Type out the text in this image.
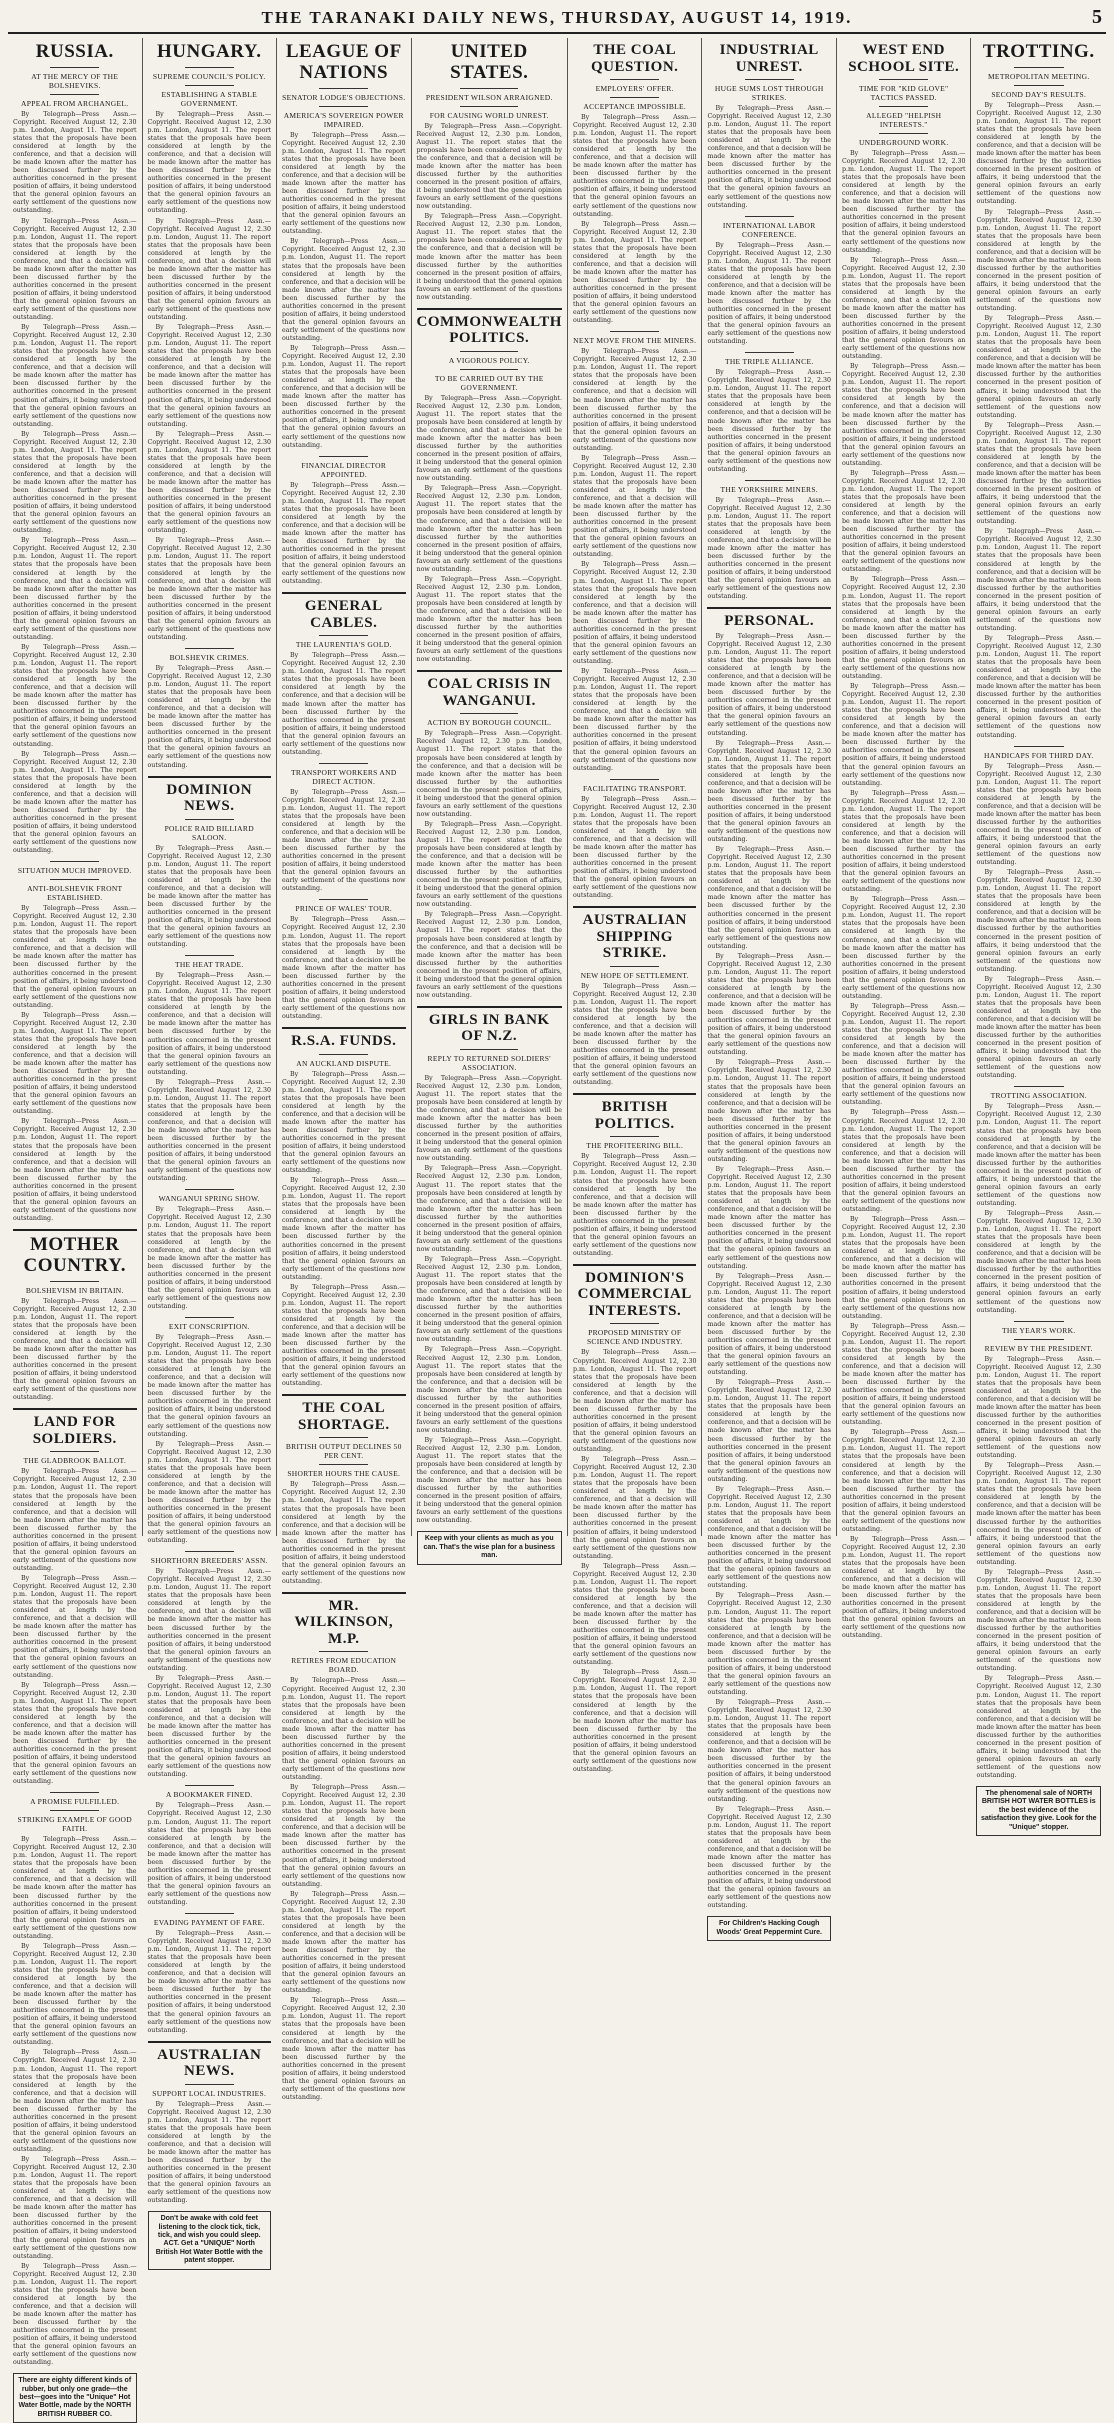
THE TARANAKI DAILY NEWS, THURSDAY, AUGUST 14, 1919.	5
RUSSIA.
AT THE MERCY OF THE BOLSHEVIKS.
APPEAL FROM ARCHANGEL.
By Telegraph—Press Assn.—Copyright. Received August 12, 2.30 p.m. London, August 11. The report states that the proposals have been considered at length by the conference, and that a decision will be made known after the matter has been discussed further by the authorities concerned in the present position of affairs, it being understood that the general opinion favours an early settlement of the questions now outstanding.
By Telegraph—Press Assn.—Copyright. Received August 12, 2.30 p.m. London, August 11. The report states that the proposals have been considered at length by the conference, and that a decision will be made known after the matter has been discussed further by the authorities concerned in the present position of affairs, it being understood that the general opinion favours an early settlement of the questions now outstanding.
By Telegraph—Press Assn.—Copyright. Received August 12, 2.30 p.m. London, August 11. The report states that the proposals have been considered at length by the conference, and that a decision will be made known after the matter has been discussed further by the authorities concerned in the present position of affairs, it being understood that the general opinion favours an early settlement of the questions now outstanding.
By Telegraph—Press Assn.—Copyright. Received August 12, 2.30 p.m. London, August 11. The report states that the proposals have been considered at length by the conference, and that a decision will be made known after the matter has been discussed further by the authorities concerned in the present position of affairs, it being understood that the general opinion favours an early settlement of the questions now outstanding.
By Telegraph—Press Assn.—Copyright. Received August 12, 2.30 p.m. London, August 11. The report states that the proposals have been considered at length by the conference, and that a decision will be made known after the matter has been discussed further by the authorities concerned in the present position of affairs, it being understood that the general opinion favours an early settlement of the questions now outstanding.
By Telegraph—Press Assn.—Copyright. Received August 12, 2.30 p.m. London, August 11. The report states that the proposals have been considered at length by the conference, and that a decision will be made known after the matter has been discussed further by the authorities concerned in the present position of affairs, it being understood that the general opinion favours an early settlement of the questions now outstanding.
By Telegraph—Press Assn.—Copyright. Received August 12, 2.30 p.m. London, August 11. The report states that the proposals have been considered at length by the conference, and that a decision will be made known after the matter has been discussed further by the authorities concerned in the present position of affairs, it being understood that the general opinion favours an early settlement of the questions now outstanding.
SITUATION MUCH IMPROVED.
ANTI-BOLSHEVIK FRONT ESTABLISHED.
By Telegraph—Press Assn.—Copyright. Received August 12, 2.30 p.m. London, August 11. The report states that the proposals have been considered at length by the conference, and that a decision will be made known after the matter has been discussed further by the authorities concerned in the present position of affairs, it being understood that the general opinion favours an early settlement of the questions now outstanding.
By Telegraph—Press Assn.—Copyright. Received August 12, 2.30 p.m. London, August 11. The report states that the proposals have been considered at length by the conference, and that a decision will be made known after the matter has been discussed further by the authorities concerned in the present position of affairs, it being understood that the general opinion favours an early settlement of the questions now outstanding.
By Telegraph—Press Assn.—Copyright. Received August 12, 2.30 p.m. London, August 11. The report states that the proposals have been considered at length by the conference, and that a decision will be made known after the matter has been discussed further by the authorities concerned in the present position of affairs, it being understood that the general opinion favours an early settlement of the questions now outstanding.
MOTHER COUNTRY.
BOLSHEVISM IN BRITAIN.
By Telegraph—Press Assn.—Copyright. Received August 12, 2.30 p.m. London, August 11. The report states that the proposals have been considered at length by the conference, and that a decision will be made known after the matter has been discussed further by the authorities concerned in the present position of affairs, it being understood that the general opinion favours an early settlement of the questions now outstanding.
LAND FOR SOLDIERS.
THE GLADBROOK BALLOT.
By Telegraph—Press Assn.—Copyright. Received August 12, 2.30 p.m. London, August 11. The report states that the proposals have been considered at length by the conference, and that a decision will be made known after the matter has been discussed further by the authorities concerned in the present position of affairs, it being understood that the general opinion favours an early settlement of the questions now outstanding.
By Telegraph—Press Assn.—Copyright. Received August 12, 2.30 p.m. London, August 11. The report states that the proposals have been considered at length by the conference, and that a decision will be made known after the matter has been discussed further by the authorities concerned in the present position of affairs, it being understood that the general opinion favours an early settlement of the questions now outstanding.
By Telegraph—Press Assn.—Copyright. Received August 12, 2.30 p.m. London, August 11. The report states that the proposals have been considered at length by the conference, and that a decision will be made known after the matter has been discussed further by the authorities concerned in the present position of affairs, it being understood that the general opinion favours an early settlement of the questions now outstanding.
A PROMISE FULFILLED.
STRIKING EXAMPLE OF GOOD FAITH.
By Telegraph—Press Assn.—Copyright. Received August 12, 2.30 p.m. London, August 11. The report states that the proposals have been considered at length by the conference, and that a decision will be made known after the matter has been discussed further by the authorities concerned in the present position of affairs, it being understood that the general opinion favours an early settlement of the questions now outstanding.
By Telegraph—Press Assn.—Copyright. Received August 12, 2.30 p.m. London, August 11. The report states that the proposals have been considered at length by the conference, and that a decision will be made known after the matter has been discussed further by the authorities concerned in the present position of affairs, it being understood that the general opinion favours an early settlement of the questions now outstanding.
By Telegraph—Press Assn.—Copyright. Received August 12, 2.30 p.m. London, August 11. The report states that the proposals have been considered at length by the conference, and that a decision will be made known after the matter has been discussed further by the authorities concerned in the present position of affairs, it being understood that the general opinion favours an early settlement of the questions now outstanding.
By Telegraph—Press Assn.—Copyright. Received August 12, 2.30 p.m. London, August 11. The report states that the proposals have been considered at length by the conference, and that a decision will be made known after the matter has been discussed further by the authorities concerned in the present position of affairs, it being understood that the general opinion favours an early settlement of the questions now outstanding.
By Telegraph—Press Assn.—Copyright. Received August 12, 2.30 p.m. London, August 11. The report states that the proposals have been considered at length by the conference, and that a decision will be made known after the matter has been discussed further by the authorities concerned in the present position of affairs, it being understood that the general opinion favours an early settlement of the questions now outstanding.
There are eighty different kinds of rubber, but only one grade—the best—goes into the "Unique" Hot Water Bottle, made by the NORTH BRITISH RUBBER CO.
HUNGARY.
SUPREME COUNCIL'S POLICY.
ESTABLISHING A STABLE GOVERNMENT.
By Telegraph—Press Assn.—Copyright. Received August 12, 2.30 p.m. London, August 11. The report states that the proposals have been considered at length by the conference, and that a decision will be made known after the matter has been discussed further by the authorities concerned in the present position of affairs, it being understood that the general opinion favours an early settlement of the questions now outstanding.
By Telegraph—Press Assn.—Copyright. Received August 12, 2.30 p.m. London, August 11. The report states that the proposals have been considered at length by the conference, and that a decision will be made known after the matter has been discussed further by the authorities concerned in the present position of affairs, it being understood that the general opinion favours an early settlement of the questions now outstanding.
By Telegraph—Press Assn.—Copyright. Received August 12, 2.30 p.m. London, August 11. The report states that the proposals have been considered at length by the conference, and that a decision will be made known after the matter has been discussed further by the authorities concerned in the present position of affairs, it being understood that the general opinion favours an early settlement of the questions now outstanding.
By Telegraph—Press Assn.—Copyright. Received August 12, 2.30 p.m. London, August 11. The report states that the proposals have been considered at length by the conference, and that a decision will be made known after the matter has been discussed further by the authorities concerned in the present position of affairs, it being understood that the general opinion favours an early settlement of the questions now outstanding.
By Telegraph—Press Assn.—Copyright. Received August 12, 2.30 p.m. London, August 11. The report states that the proposals have been considered at length by the conference, and that a decision will be made known after the matter has been discussed further by the authorities concerned in the present position of affairs, it being understood that the general opinion favours an early settlement of the questions now outstanding.
BOLSHEVIK CRIMES.
By Telegraph—Press Assn.—Copyright. Received August 12, 2.30 p.m. London, August 11. The report states that the proposals have been considered at length by the conference, and that a decision will be made known after the matter has been discussed further by the authorities concerned in the present position of affairs, it being understood that the general opinion favours an early settlement of the questions now outstanding.
DOMINION NEWS.
POLICE RAID BILLIARD SALOON.
By Telegraph—Press Assn.—Copyright. Received August 12, 2.30 p.m. London, August 11. The report states that the proposals have been considered at length by the conference, and that a decision will be made known after the matter has been discussed further by the authorities concerned in the present position of affairs, it being understood that the general opinion favours an early settlement of the questions now outstanding.
THE HEAT TRADE.
By Telegraph—Press Assn.—Copyright. Received August 12, 2.30 p.m. London, August 11. The report states that the proposals have been considered at length by the conference, and that a decision will be made known after the matter has been discussed further by the authorities concerned in the present position of affairs, it being understood that the general opinion favours an early settlement of the questions now outstanding.
By Telegraph—Press Assn.—Copyright. Received August 12, 2.30 p.m. London, August 11. The report states that the proposals have been considered at length by the conference, and that a decision will be made known after the matter has been discussed further by the authorities concerned in the present position of affairs, it being understood that the general opinion favours an early settlement of the questions now outstanding.
WANGANUI SPRING SHOW.
By Telegraph—Press Assn.—Copyright. Received August 12, 2.30 p.m. London, August 11. The report states that the proposals have been considered at length by the conference, and that a decision will be made known after the matter has been discussed further by the authorities concerned in the present position of affairs, it being understood that the general opinion favours an early settlement of the questions now outstanding.
EXIT CONSCRIPTION.
By Telegraph—Press Assn.—Copyright. Received August 12, 2.30 p.m. London, August 11. The report states that the proposals have been considered at length by the conference, and that a decision will be made known after the matter has been discussed further by the authorities concerned in the present position of affairs, it being understood that the general opinion favours an early settlement of the questions now outstanding.
By Telegraph—Press Assn.—Copyright. Received August 12, 2.30 p.m. London, August 11. The report states that the proposals have been considered at length by the conference, and that a decision will be made known after the matter has been discussed further by the authorities concerned in the present position of affairs, it being understood that the general opinion favours an early settlement of the questions now outstanding.
SHORTHORN BREEDERS' ASSN.
By Telegraph—Press Assn.—Copyright. Received August 12, 2.30 p.m. London, August 11. The report states that the proposals have been considered at length by the conference, and that a decision will be made known after the matter has been discussed further by the authorities concerned in the present position of affairs, it being understood that the general opinion favours an early settlement of the questions now outstanding.
By Telegraph—Press Assn.—Copyright. Received August 12, 2.30 p.m. London, August 11. The report states that the proposals have been considered at length by the conference, and that a decision will be made known after the matter has been discussed further by the authorities concerned in the present position of affairs, it being understood that the general opinion favours an early settlement of the questions now outstanding.
A BOOKMAKER FINED.
By Telegraph—Press Assn.—Copyright. Received August 12, 2.30 p.m. London, August 11. The report states that the proposals have been considered at length by the conference, and that a decision will be made known after the matter has been discussed further by the authorities concerned in the present position of affairs, it being understood that the general opinion favours an early settlement of the questions now outstanding.
EVADING PAYMENT OF FARE.
By Telegraph—Press Assn.—Copyright. Received August 12, 2.30 p.m. London, August 11. The report states that the proposals have been considered at length by the conference, and that a decision will be made known after the matter has been discussed further by the authorities concerned in the present position of affairs, it being understood that the general opinion favours an early settlement of the questions now outstanding.
AUSTRALIAN NEWS.
SUPPORT LOCAL INDUSTRIES.
By Telegraph—Press Assn.—Copyright. Received August 12, 2.30 p.m. London, August 11. The report states that the proposals have been considered at length by the conference, and that a decision will be made known after the matter has been discussed further by the authorities concerned in the present position of affairs, it being understood that the general opinion favours an early settlement of the questions now outstanding.
Don't be awake with cold feet listening to the clock tick, tick, tick, and wish you could sleep. ACT. Get a "UNIQUE" North British Hot Water Bottle with the patent stopper.
LEAGUE OF NATIONS
SENATOR LODGE'S OBJECTIONS.
AMERICA'S SOVEREIGN POWER IMPAIRED.
By Telegraph—Press Assn.—Copyright. Received August 12, 2.30 p.m. London, August 11. The report states that the proposals have been considered at length by the conference, and that a decision will be made known after the matter has been discussed further by the authorities concerned in the present position of affairs, it being understood that the general opinion favours an early settlement of the questions now outstanding.
By Telegraph—Press Assn.—Copyright. Received August 12, 2.30 p.m. London, August 11. The report states that the proposals have been considered at length by the conference, and that a decision will be made known after the matter has been discussed further by the authorities concerned in the present position of affairs, it being understood that the general opinion favours an early settlement of the questions now outstanding.
By Telegraph—Press Assn.—Copyright. Received August 12, 2.30 p.m. London, August 11. The report states that the proposals have been considered at length by the conference, and that a decision will be made known after the matter has been discussed further by the authorities concerned in the present position of affairs, it being understood that the general opinion favours an early settlement of the questions now outstanding.
FINANCIAL DIRECTOR APPOINTED.
By Telegraph—Press Assn.—Copyright. Received August 12, 2.30 p.m. London, August 11. The report states that the proposals have been considered at length by the conference, and that a decision will be made known after the matter has been discussed further by the authorities concerned in the present position of affairs, it being understood that the general opinion favours an early settlement of the questions now outstanding.
GENERAL CABLES.
THE LAURENTIA'S GOLD.
By Telegraph—Press Assn.—Copyright. Received August 12, 2.30 p.m. London, August 11. The report states that the proposals have been considered at length by the conference, and that a decision will be made known after the matter has been discussed further by the authorities concerned in the present position of affairs, it being understood that the general opinion favours an early settlement of the questions now outstanding.
TRANSPORT WORKERS AND DIRECT ACTION.
By Telegraph—Press Assn.—Copyright. Received August 12, 2.30 p.m. London, August 11. The report states that the proposals have been considered at length by the conference, and that a decision will be made known after the matter has been discussed further by the authorities concerned in the present position of affairs, it being understood that the general opinion favours an early settlement of the questions now outstanding.
PRINCE OF WALES' TOUR.
By Telegraph—Press Assn.—Copyright. Received August 12, 2.30 p.m. London, August 11. The report states that the proposals have been considered at length by the conference, and that a decision will be made known after the matter has been discussed further by the authorities concerned in the present position of affairs, it being understood that the general opinion favours an early settlement of the questions now outstanding.
R.S.A. FUNDS.
AN AUCKLAND DISPUTE.
By Telegraph—Press Assn.—Copyright. Received August 12, 2.30 p.m. London, August 11. The report states that the proposals have been considered at length by the conference, and that a decision will be made known after the matter has been discussed further by the authorities concerned in the present position of affairs, it being understood that the general opinion favours an early settlement of the questions now outstanding.
By Telegraph—Press Assn.—Copyright. Received August 12, 2.30 p.m. London, August 11. The report states that the proposals have been considered at length by the conference, and that a decision will be made known after the matter has been discussed further by the authorities concerned in the present position of affairs, it being understood that the general opinion favours an early settlement of the questions now outstanding.
By Telegraph—Press Assn.—Copyright. Received August 12, 2.30 p.m. London, August 11. The report states that the proposals have been considered at length by the conference, and that a decision will be made known after the matter has been discussed further by the authorities concerned in the present position of affairs, it being understood that the general opinion favours an early settlement of the questions now outstanding.
THE COAL SHORTAGE.
BRITISH OUTPUT DECLINES 50 PER CENT.
SHORTER HOURS THE CAUSE.
By Telegraph—Press Assn.—Copyright. Received August 12, 2.30 p.m. London, August 11. The report states that the proposals have been considered at length by the conference, and that a decision will be made known after the matter has been discussed further by the authorities concerned in the present position of affairs, it being understood that the general opinion favours an early settlement of the questions now outstanding.
MR. WILKINSON, M.P.
RETIRES FROM EDUCATION BOARD.
By Telegraph—Press Assn.—Copyright. Received August 12, 2.30 p.m. London, August 11. The report states that the proposals have been considered at length by the conference, and that a decision will be made known after the matter has been discussed further by the authorities concerned in the present position of affairs, it being understood that the general opinion favours an early settlement of the questions now outstanding.
By Telegraph—Press Assn.—Copyright. Received August 12, 2.30 p.m. London, August 11. The report states that the proposals have been considered at length by the conference, and that a decision will be made known after the matter has been discussed further by the authorities concerned in the present position of affairs, it being understood that the general opinion favours an early settlement of the questions now outstanding.
By Telegraph—Press Assn.—Copyright. Received August 12, 2.30 p.m. London, August 11. The report states that the proposals have been considered at length by the conference, and that a decision will be made known after the matter has been discussed further by the authorities concerned in the present position of affairs, it being understood that the general opinion favours an early settlement of the questions now outstanding.
By Telegraph—Press Assn.—Copyright. Received August 12, 2.30 p.m. London, August 11. The report states that the proposals have been considered at length by the conference, and that a decision will be made known after the matter has been discussed further by the authorities concerned in the present position of affairs, it being understood that the general opinion favours an early settlement of the questions now outstanding.
UNITED STATES.
PRESIDENT WILSON ARRAIGNED.
FOR CAUSING WORLD UNREST.
By Telegraph—Press Assn.—Copyright. Received August 12, 2.30 p.m. London, August 11. The report states that the proposals have been considered at length by the conference, and that a decision will be made known after the matter has been discussed further by the authorities concerned in the present position of affairs, it being understood that the general opinion favours an early settlement of the questions now outstanding.
By Telegraph—Press Assn.—Copyright. Received August 12, 2.30 p.m. London, August 11. The report states that the proposals have been considered at length by the conference, and that a decision will be made known after the matter has been discussed further by the authorities concerned in the present position of affairs, it being understood that the general opinion favours an early settlement of the questions now outstanding.
COMMONWEALTH POLITICS.
A VIGOROUS POLICY.
TO BE CARRIED OUT BY THE GOVERNMENT.
By Telegraph—Press Assn.—Copyright. Received August 12, 2.30 p.m. London, August 11. The report states that the proposals have been considered at length by the conference, and that a decision will be made known after the matter has been discussed further by the authorities concerned in the present position of affairs, it being understood that the general opinion favours an early settlement of the questions now outstanding.
By Telegraph—Press Assn.—Copyright. Received August 12, 2.30 p.m. London, August 11. The report states that the proposals have been considered at length by the conference, and that a decision will be made known after the matter has been discussed further by the authorities concerned in the present position of affairs, it being understood that the general opinion favours an early settlement of the questions now outstanding.
By Telegraph—Press Assn.—Copyright. Received August 12, 2.30 p.m. London, August 11. The report states that the proposals have been considered at length by the conference, and that a decision will be made known after the matter has been discussed further by the authorities concerned in the present position of affairs, it being understood that the general opinion favours an early settlement of the questions now outstanding.
COAL CRISIS IN WANGANUI.
ACTION BY BOROUGH COUNCIL.
By Telegraph—Press Assn.—Copyright. Received August 12, 2.30 p.m. London, August 11. The report states that the proposals have been considered at length by the conference, and that a decision will be made known after the matter has been discussed further by the authorities concerned in the present position of affairs, it being understood that the general opinion favours an early settlement of the questions now outstanding.
By Telegraph—Press Assn.—Copyright. Received August 12, 2.30 p.m. London, August 11. The report states that the proposals have been considered at length by the conference, and that a decision will be made known after the matter has been discussed further by the authorities concerned in the present position of affairs, it being understood that the general opinion favours an early settlement of the questions now outstanding.
By Telegraph—Press Assn.—Copyright. Received August 12, 2.30 p.m. London, August 11. The report states that the proposals have been considered at length by the conference, and that a decision will be made known after the matter has been discussed further by the authorities concerned in the present position of affairs, it being understood that the general opinion favours an early settlement of the questions now outstanding.
GIRLS IN BANK OF N.Z.
REPLY TO RETURNED SOLDIERS' ASSOCIATION.
By Telegraph—Press Assn.—Copyright. Received August 12, 2.30 p.m. London, August 11. The report states that the proposals have been considered at length by the conference, and that a decision will be made known after the matter has been discussed further by the authorities concerned in the present position of affairs, it being understood that the general opinion favours an early settlement of the questions now outstanding.
By Telegraph—Press Assn.—Copyright. Received August 12, 2.30 p.m. London, August 11. The report states that the proposals have been considered at length by the conference, and that a decision will be made known after the matter has been discussed further by the authorities concerned in the present position of affairs, it being understood that the general opinion favours an early settlement of the questions now outstanding.
By Telegraph—Press Assn.—Copyright. Received August 12, 2.30 p.m. London, August 11. The report states that the proposals have been considered at length by the conference, and that a decision will be made known after the matter has been discussed further by the authorities concerned in the present position of affairs, it being understood that the general opinion favours an early settlement of the questions now outstanding.
By Telegraph—Press Assn.—Copyright. Received August 12, 2.30 p.m. London, August 11. The report states that the proposals have been considered at length by the conference, and that a decision will be made known after the matter has been discussed further by the authorities concerned in the present position of affairs, it being understood that the general opinion favours an early settlement of the questions now outstanding.
By Telegraph—Press Assn.—Copyright. Received August 12, 2.30 p.m. London, August 11. The report states that the proposals have been considered at length by the conference, and that a decision will be made known after the matter has been discussed further by the authorities concerned in the present position of affairs, it being understood that the general opinion favours an early settlement of the questions now outstanding.
Keep with your clients as much as you can. That's the wise plan for a business man.
THE COAL QUESTION.
EMPLOYERS' OFFER.
ACCEPTANCE IMPOSSIBLE.
By Telegraph—Press Assn.—Copyright. Received August 12, 2.30 p.m. London, August 11. The report states that the proposals have been considered at length by the conference, and that a decision will be made known after the matter has been discussed further by the authorities concerned in the present position of affairs, it being understood that the general opinion favours an early settlement of the questions now outstanding.
By Telegraph—Press Assn.—Copyright. Received August 12, 2.30 p.m. London, August 11. The report states that the proposals have been considered at length by the conference, and that a decision will be made known after the matter has been discussed further by the authorities concerned in the present position of affairs, it being understood that the general opinion favours an early settlement of the questions now outstanding.
NEXT MOVE FROM THE MINERS.
By Telegraph—Press Assn.—Copyright. Received August 12, 2.30 p.m. London, August 11. The report states that the proposals have been considered at length by the conference, and that a decision will be made known after the matter has been discussed further by the authorities concerned in the present position of affairs, it being understood that the general opinion favours an early settlement of the questions now outstanding.
By Telegraph—Press Assn.—Copyright. Received August 12, 2.30 p.m. London, August 11. The report states that the proposals have been considered at length by the conference, and that a decision will be made known after the matter has been discussed further by the authorities concerned in the present position of affairs, it being understood that the general opinion favours an early settlement of the questions now outstanding.
By Telegraph—Press Assn.—Copyright. Received August 12, 2.30 p.m. London, August 11. The report states that the proposals have been considered at length by the conference, and that a decision will be made known after the matter has been discussed further by the authorities concerned in the present position of affairs, it being understood that the general opinion favours an early settlement of the questions now outstanding.
By Telegraph—Press Assn.—Copyright. Received August 12, 2.30 p.m. London, August 11. The report states that the proposals have been considered at length by the conference, and that a decision will be made known after the matter has been discussed further by the authorities concerned in the present position of affairs, it being understood that the general opinion favours an early settlement of the questions now outstanding.
FACILITATING TRANSPORT.
By Telegraph—Press Assn.—Copyright. Received August 12, 2.30 p.m. London, August 11. The report states that the proposals have been considered at length by the conference, and that a decision will be made known after the matter has been discussed further by the authorities concerned in the present position of affairs, it being understood that the general opinion favours an early settlement of the questions now outstanding.
AUSTRALIAN SHIPPING STRIKE.
NEW HOPE OF SETTLEMENT.
By Telegraph—Press Assn.—Copyright. Received August 12, 2.30 p.m. London, August 11. The report states that the proposals have been considered at length by the conference, and that a decision will be made known after the matter has been discussed further by the authorities concerned in the present position of affairs, it being understood that the general opinion favours an early settlement of the questions now outstanding.
BRITISH POLITICS.
THE PROFITEERING BILL.
By Telegraph—Press Assn.—Copyright. Received August 12, 2.30 p.m. London, August 11. The report states that the proposals have been considered at length by the conference, and that a decision will be made known after the matter has been discussed further by the authorities concerned in the present position of affairs, it being understood that the general opinion favours an early settlement of the questions now outstanding.
DOMINION'S COMMERCIAL INTERESTS.
PROPOSED MINISTRY OF SCIENCE AND INDUSTRY.
By Telegraph—Press Assn.—Copyright. Received August 12, 2.30 p.m. London, August 11. The report states that the proposals have been considered at length by the conference, and that a decision will be made known after the matter has been discussed further by the authorities concerned in the present position of affairs, it being understood that the general opinion favours an early settlement of the questions now outstanding.
By Telegraph—Press Assn.—Copyright. Received August 12, 2.30 p.m. London, August 11. The report states that the proposals have been considered at length by the conference, and that a decision will be made known after the matter has been discussed further by the authorities concerned in the present position of affairs, it being understood that the general opinion favours an early settlement of the questions now outstanding.
By Telegraph—Press Assn.—Copyright. Received August 12, 2.30 p.m. London, August 11. The report states that the proposals have been considered at length by the conference, and that a decision will be made known after the matter has been discussed further by the authorities concerned in the present position of affairs, it being understood that the general opinion favours an early settlement of the questions now outstanding.
By Telegraph—Press Assn.—Copyright. Received August 12, 2.30 p.m. London, August 11. The report states that the proposals have been considered at length by the conference, and that a decision will be made known after the matter has been discussed further by the authorities concerned in the present position of affairs, it being understood that the general opinion favours an early settlement of the questions now outstanding.
INDUSTRIAL UNREST.
HUGE SUMS LOST THROUGH STRIKES.
By Telegraph—Press Assn.—Copyright. Received August 12, 2.30 p.m. London, August 11. The report states that the proposals have been considered at length by the conference, and that a decision will be made known after the matter has been discussed further by the authorities concerned in the present position of affairs, it being understood that the general opinion favours an early settlement of the questions now outstanding.
INTERNATIONAL LABOR CONFERENCE.
By Telegraph—Press Assn.—Copyright. Received August 12, 2.30 p.m. London, August 11. The report states that the proposals have been considered at length by the conference, and that a decision will be made known after the matter has been discussed further by the authorities concerned in the present position of affairs, it being understood that the general opinion favours an early settlement of the questions now outstanding.
THE TRIPLE ALLIANCE.
By Telegraph—Press Assn.—Copyright. Received August 12, 2.30 p.m. London, August 11. The report states that the proposals have been considered at length by the conference, and that a decision will be made known after the matter has been discussed further by the authorities concerned in the present position of affairs, it being understood that the general opinion favours an early settlement of the questions now outstanding.
THE YORKSHIRE MINERS.
By Telegraph—Press Assn.—Copyright. Received August 12, 2.30 p.m. London, August 11. The report states that the proposals have been considered at length by the conference, and that a decision will be made known after the matter has been discussed further by the authorities concerned in the present position of affairs, it being understood that the general opinion favours an early settlement of the questions now outstanding.
PERSONAL.
By Telegraph—Press Assn.—Copyright. Received August 12, 2.30 p.m. London, August 11. The report states that the proposals have been considered at length by the conference, and that a decision will be made known after the matter has been discussed further by the authorities concerned in the present position of affairs, it being understood that the general opinion favours an early settlement of the questions now outstanding.
By Telegraph—Press Assn.—Copyright. Received August 12, 2.30 p.m. London, August 11. The report states that the proposals have been considered at length by the conference, and that a decision will be made known after the matter has been discussed further by the authorities concerned in the present position of affairs, it being understood that the general opinion favours an early settlement of the questions now outstanding.
By Telegraph—Press Assn.—Copyright. Received August 12, 2.30 p.m. London, August 11. The report states that the proposals have been considered at length by the conference, and that a decision will be made known after the matter has been discussed further by the authorities concerned in the present position of affairs, it being understood that the general opinion favours an early settlement of the questions now outstanding.
By Telegraph—Press Assn.—Copyright. Received August 12, 2.30 p.m. London, August 11. The report states that the proposals have been considered at length by the conference, and that a decision will be made known after the matter has been discussed further by the authorities concerned in the present position of affairs, it being understood that the general opinion favours an early settlement of the questions now outstanding.
By Telegraph—Press Assn.—Copyright. Received August 12, 2.30 p.m. London, August 11. The report states that the proposals have been considered at length by the conference, and that a decision will be made known after the matter has been discussed further by the authorities concerned in the present position of affairs, it being understood that the general opinion favours an early settlement of the questions now outstanding.
By Telegraph—Press Assn.—Copyright. Received August 12, 2.30 p.m. London, August 11. The report states that the proposals have been considered at length by the conference, and that a decision will be made known after the matter has been discussed further by the authorities concerned in the present position of affairs, it being understood that the general opinion favours an early settlement of the questions now outstanding.
By Telegraph—Press Assn.—Copyright. Received August 12, 2.30 p.m. London, August 11. The report states that the proposals have been considered at length by the conference, and that a decision will be made known after the matter has been discussed further by the authorities concerned in the present position of affairs, it being understood that the general opinion favours an early settlement of the questions now outstanding.
By Telegraph—Press Assn.—Copyright. Received August 12, 2.30 p.m. London, August 11. The report states that the proposals have been considered at length by the conference, and that a decision will be made known after the matter has been discussed further by the authorities concerned in the present position of affairs, it being understood that the general opinion favours an early settlement of the questions now outstanding.
By Telegraph—Press Assn.—Copyright. Received August 12, 2.30 p.m. London, August 11. The report states that the proposals have been considered at length by the conference, and that a decision will be made known after the matter has been discussed further by the authorities concerned in the present position of affairs, it being understood that the general opinion favours an early settlement of the questions now outstanding.
By Telegraph—Press Assn.—Copyright. Received August 12, 2.30 p.m. London, August 11. The report states that the proposals have been considered at length by the conference, and that a decision will be made known after the matter has been discussed further by the authorities concerned in the present position of affairs, it being understood that the general opinion favours an early settlement of the questions now outstanding.
By Telegraph—Press Assn.—Copyright. Received August 12, 2.30 p.m. London, August 11. The report states that the proposals have been considered at length by the conference, and that a decision will be made known after the matter has been discussed further by the authorities concerned in the present position of affairs, it being understood that the general opinion favours an early settlement of the questions now outstanding.
By Telegraph—Press Assn.—Copyright. Received August 12, 2.30 p.m. London, August 11. The report states that the proposals have been considered at length by the conference, and that a decision will be made known after the matter has been discussed further by the authorities concerned in the present position of affairs, it being understood that the general opinion favours an early settlement of the questions now outstanding.
For Children's Hacking Cough Woods' Great Peppermint Cure.
WEST END SCHOOL SITE.
TIME FOR "KID GLOVE" TACTICS PASSED.
ALLEGED "HELPISH INTERESTS."
UNDERGROUND WORK.
By Telegraph—Press Assn.—Copyright. Received August 12, 2.30 p.m. London, August 11. The report states that the proposals have been considered at length by the conference, and that a decision will be made known after the matter has been discussed further by the authorities concerned in the present position of affairs, it being understood that the general opinion favours an early settlement of the questions now outstanding.
By Telegraph—Press Assn.—Copyright. Received August 12, 2.30 p.m. London, August 11. The report states that the proposals have been considered at length by the conference, and that a decision will be made known after the matter has been discussed further by the authorities concerned in the present position of affairs, it being understood that the general opinion favours an early settlement of the questions now outstanding.
By Telegraph—Press Assn.—Copyright. Received August 12, 2.30 p.m. London, August 11. The report states that the proposals have been considered at length by the conference, and that a decision will be made known after the matter has been discussed further by the authorities concerned in the present position of affairs, it being understood that the general opinion favours an early settlement of the questions now outstanding.
By Telegraph—Press Assn.—Copyright. Received August 12, 2.30 p.m. London, August 11. The report states that the proposals have been considered at length by the conference, and that a decision will be made known after the matter has been discussed further by the authorities concerned in the present position of affairs, it being understood that the general opinion favours an early settlement of the questions now outstanding.
By Telegraph—Press Assn.—Copyright. Received August 12, 2.30 p.m. London, August 11. The report states that the proposals have been considered at length by the conference, and that a decision will be made known after the matter has been discussed further by the authorities concerned in the present position of affairs, it being understood that the general opinion favours an early settlement of the questions now outstanding.
By Telegraph—Press Assn.—Copyright. Received August 12, 2.30 p.m. London, August 11. The report states that the proposals have been considered at length by the conference, and that a decision will be made known after the matter has been discussed further by the authorities concerned in the present position of affairs, it being understood that the general opinion favours an early settlement of the questions now outstanding.
By Telegraph—Press Assn.—Copyright. Received August 12, 2.30 p.m. London, August 11. The report states that the proposals have been considered at length by the conference, and that a decision will be made known after the matter has been discussed further by the authorities concerned in the present position of affairs, it being understood that the general opinion favours an early settlement of the questions now outstanding.
By Telegraph—Press Assn.—Copyright. Received August 12, 2.30 p.m. London, August 11. The report states that the proposals have been considered at length by the conference, and that a decision will be made known after the matter has been discussed further by the authorities concerned in the present position of affairs, it being understood that the general opinion favours an early settlement of the questions now outstanding.
By Telegraph—Press Assn.—Copyright. Received August 12, 2.30 p.m. London, August 11. The report states that the proposals have been considered at length by the conference, and that a decision will be made known after the matter has been discussed further by the authorities concerned in the present position of affairs, it being understood that the general opinion favours an early settlement of the questions now outstanding.
By Telegraph—Press Assn.—Copyright. Received August 12, 2.30 p.m. London, August 11. The report states that the proposals have been considered at length by the conference, and that a decision will be made known after the matter has been discussed further by the authorities concerned in the present position of affairs, it being understood that the general opinion favours an early settlement of the questions now outstanding.
By Telegraph—Press Assn.—Copyright. Received August 12, 2.30 p.m. London, August 11. The report states that the proposals have been considered at length by the conference, and that a decision will be made known after the matter has been discussed further by the authorities concerned in the present position of affairs, it being understood that the general opinion favours an early settlement of the questions now outstanding.
By Telegraph—Press Assn.—Copyright. Received August 12, 2.30 p.m. London, August 11. The report states that the proposals have been considered at length by the conference, and that a decision will be made known after the matter has been discussed further by the authorities concerned in the present position of affairs, it being understood that the general opinion favours an early settlement of the questions now outstanding.
By Telegraph—Press Assn.—Copyright. Received August 12, 2.30 p.m. London, August 11. The report states that the proposals have been considered at length by the conference, and that a decision will be made known after the matter has been discussed further by the authorities concerned in the present position of affairs, it being understood that the general opinion favours an early settlement of the questions now outstanding.
By Telegraph—Press Assn.—Copyright. Received August 12, 2.30 p.m. London, August 11. The report states that the proposals have been considered at length by the conference, and that a decision will be made known after the matter has been discussed further by the authorities concerned in the present position of affairs, it being understood that the general opinion favours an early settlement of the questions now outstanding.
TROTTING.
METROPOLITAN MEETING.
SECOND DAY'S RESULTS.
By Telegraph—Press Assn.—Copyright. Received August 12, 2.30 p.m. London, August 11. The report states that the proposals have been considered at length by the conference, and that a decision will be made known after the matter has been discussed further by the authorities concerned in the present position of affairs, it being understood that the general opinion favours an early settlement of the questions now outstanding.
By Telegraph—Press Assn.—Copyright. Received August 12, 2.30 p.m. London, August 11. The report states that the proposals have been considered at length by the conference, and that a decision will be made known after the matter has been discussed further by the authorities concerned in the present position of affairs, it being understood that the general opinion favours an early settlement of the questions now outstanding.
By Telegraph—Press Assn.—Copyright. Received August 12, 2.30 p.m. London, August 11. The report states that the proposals have been considered at length by the conference, and that a decision will be made known after the matter has been discussed further by the authorities concerned in the present position of affairs, it being understood that the general opinion favours an early settlement of the questions now outstanding.
By Telegraph—Press Assn.—Copyright. Received August 12, 2.30 p.m. London, August 11. The report states that the proposals have been considered at length by the conference, and that a decision will be made known after the matter has been discussed further by the authorities concerned in the present position of affairs, it being understood that the general opinion favours an early settlement of the questions now outstanding.
By Telegraph—Press Assn.—Copyright. Received August 12, 2.30 p.m. London, August 11. The report states that the proposals have been considered at length by the conference, and that a decision will be made known after the matter has been discussed further by the authorities concerned in the present position of affairs, it being understood that the general opinion favours an early settlement of the questions now outstanding.
By Telegraph—Press Assn.—Copyright. Received August 12, 2.30 p.m. London, August 11. The report states that the proposals have been considered at length by the conference, and that a decision will be made known after the matter has been discussed further by the authorities concerned in the present position of affairs, it being understood that the general opinion favours an early settlement of the questions now outstanding.
HANDICAPS FOR THIRD DAY.
By Telegraph—Press Assn.—Copyright. Received August 12, 2.30 p.m. London, August 11. The report states that the proposals have been considered at length by the conference, and that a decision will be made known after the matter has been discussed further by the authorities concerned in the present position of affairs, it being understood that the general opinion favours an early settlement of the questions now outstanding.
By Telegraph—Press Assn.—Copyright. Received August 12, 2.30 p.m. London, August 11. The report states that the proposals have been considered at length by the conference, and that a decision will be made known after the matter has been discussed further by the authorities concerned in the present position of affairs, it being understood that the general opinion favours an early settlement of the questions now outstanding.
By Telegraph—Press Assn.—Copyright. Received August 12, 2.30 p.m. London, August 11. The report states that the proposals have been considered at length by the conference, and that a decision will be made known after the matter has been discussed further by the authorities concerned in the present position of affairs, it being understood that the general opinion favours an early settlement of the questions now outstanding.
TROTTING ASSOCIATION.
By Telegraph—Press Assn.—Copyright. Received August 12, 2.30 p.m. London, August 11. The report states that the proposals have been considered at length by the conference, and that a decision will be made known after the matter has been discussed further by the authorities concerned in the present position of affairs, it being understood that the general opinion favours an early settlement of the questions now outstanding.
By Telegraph—Press Assn.—Copyright. Received August 12, 2.30 p.m. London, August 11. The report states that the proposals have been considered at length by the conference, and that a decision will be made known after the matter has been discussed further by the authorities concerned in the present position of affairs, it being understood that the general opinion favours an early settlement of the questions now outstanding.
THE YEAR'S WORK.
REVIEW BY THE PRESIDENT.
By Telegraph—Press Assn.—Copyright. Received August 12, 2.30 p.m. London, August 11. The report states that the proposals have been considered at length by the conference, and that a decision will be made known after the matter has been discussed further by the authorities concerned in the present position of affairs, it being understood that the general opinion favours an early settlement of the questions now outstanding.
By Telegraph—Press Assn.—Copyright. Received August 12, 2.30 p.m. London, August 11. The report states that the proposals have been considered at length by the conference, and that a decision will be made known after the matter has been discussed further by the authorities concerned in the present position of affairs, it being understood that the general opinion favours an early settlement of the questions now outstanding.
By Telegraph—Press Assn.—Copyright. Received August 12, 2.30 p.m. London, August 11. The report states that the proposals have been considered at length by the conference, and that a decision will be made known after the matter has been discussed further by the authorities concerned in the present position of affairs, it being understood that the general opinion favours an early settlement of the questions now outstanding.
By Telegraph—Press Assn.—Copyright. Received August 12, 2.30 p.m. London, August 11. The report states that the proposals have been considered at length by the conference, and that a decision will be made known after the matter has been discussed further by the authorities concerned in the present position of affairs, it being understood that the general opinion favours an early settlement of the questions now outstanding.
The phenomenal sale of NORTH BRITISH HOT WATER BOTTLES is the best evidence of the satisfaction they give. Look for the "Unique" stopper.
